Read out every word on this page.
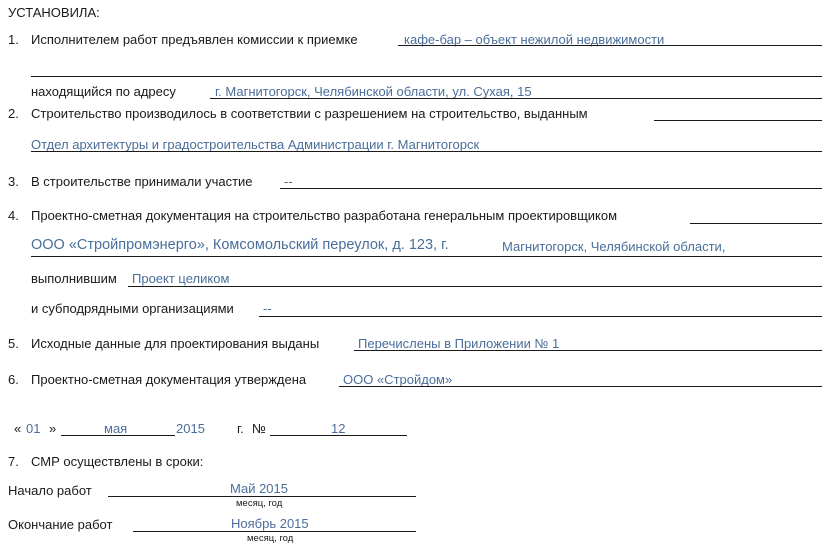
УСТАНОВИЛА:
1. Исполнителем работ предъявлен комиссии к приемке	кафе-бар – объект нежилой недвижимости
находящийся по адресу	г. Магнитогорск, Челябинской области, ул. Сухая, 15
2. Строительство производилось в соответствии с разрешением на строительство, выданным
Отдел архитектуры и градостроительства Администрации г. Магнитогорск
3. В строительстве принимали участие --
4. Проектно-сметная документация на строительство разработана генеральным проектировщиком
ООО «Стройпромэнерго», Комсомольский переулок, д. 123, г.	Магнитогорск, Челябинской области,
выполнившим Проект целиком
и субподрядными организациями --
5. Исходные данные для проектирования выданы	Перечислены в Приложении № 1
6. Проектно-сметная документация утверждена	ООО «Стройдом»
« 01 »	мая	2015 г. №	12
7. СМР осуществлены в сроки:
Начало работ	Май 2015
месяц, год
Окончание работ	Ноябрь 2015
месяц, год
